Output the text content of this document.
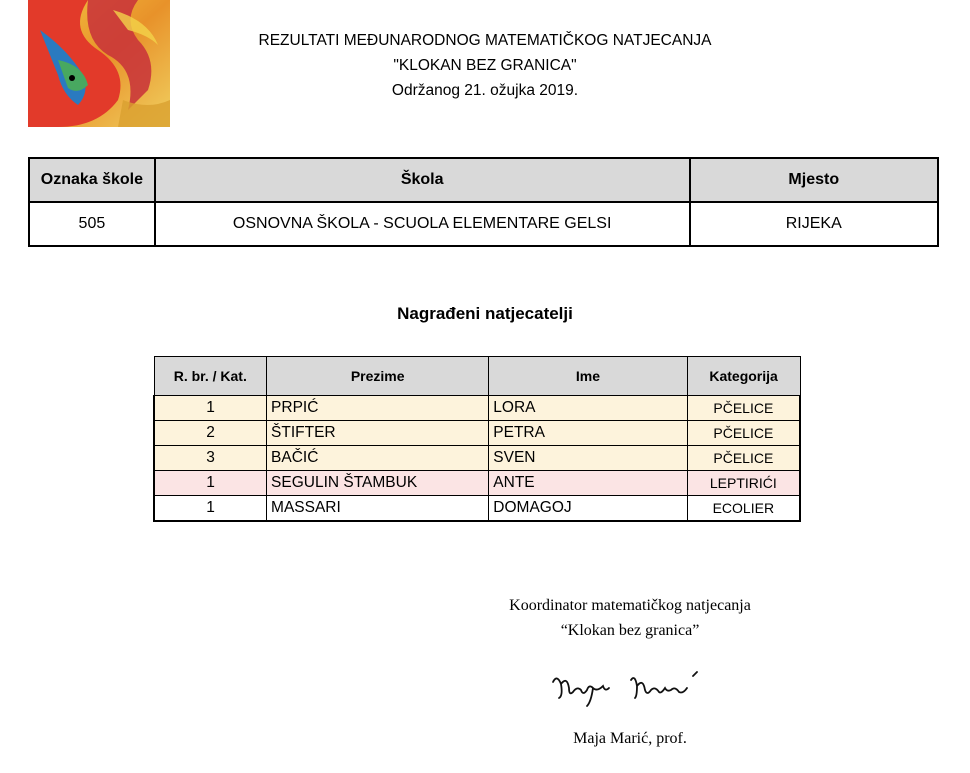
REZULTATI MEĐUNARODNOG MATEMATIČKOG NATJECANJA
"KLOKAN BEZ GRANICA"
Održanog 21. ožujka 2019.
Oznaka škole	Škola	Mjesto
505	OSNOVNA ŠKOLA - SCUOLA ELEMENTARE GELSI	RIJEKA
Nagrađeni natjecatelji
R. br. / Kat.	Prezime	Ime	Kategorija
1	PRPIĆ	LORA	PČELICE
2	ŠTIFTER	PETRA	PČELICE
3	BAČIĆ	SVEN	PČELICE
1	SEGULIN ŠTAMBUK	ANTE	LEPTIRIĆI
1	MASSARI	DOMAGOJ	ECOLIER
Koordinator matematičkog natjecanja
“Klokan bez granica”
Maja Marić, prof.
